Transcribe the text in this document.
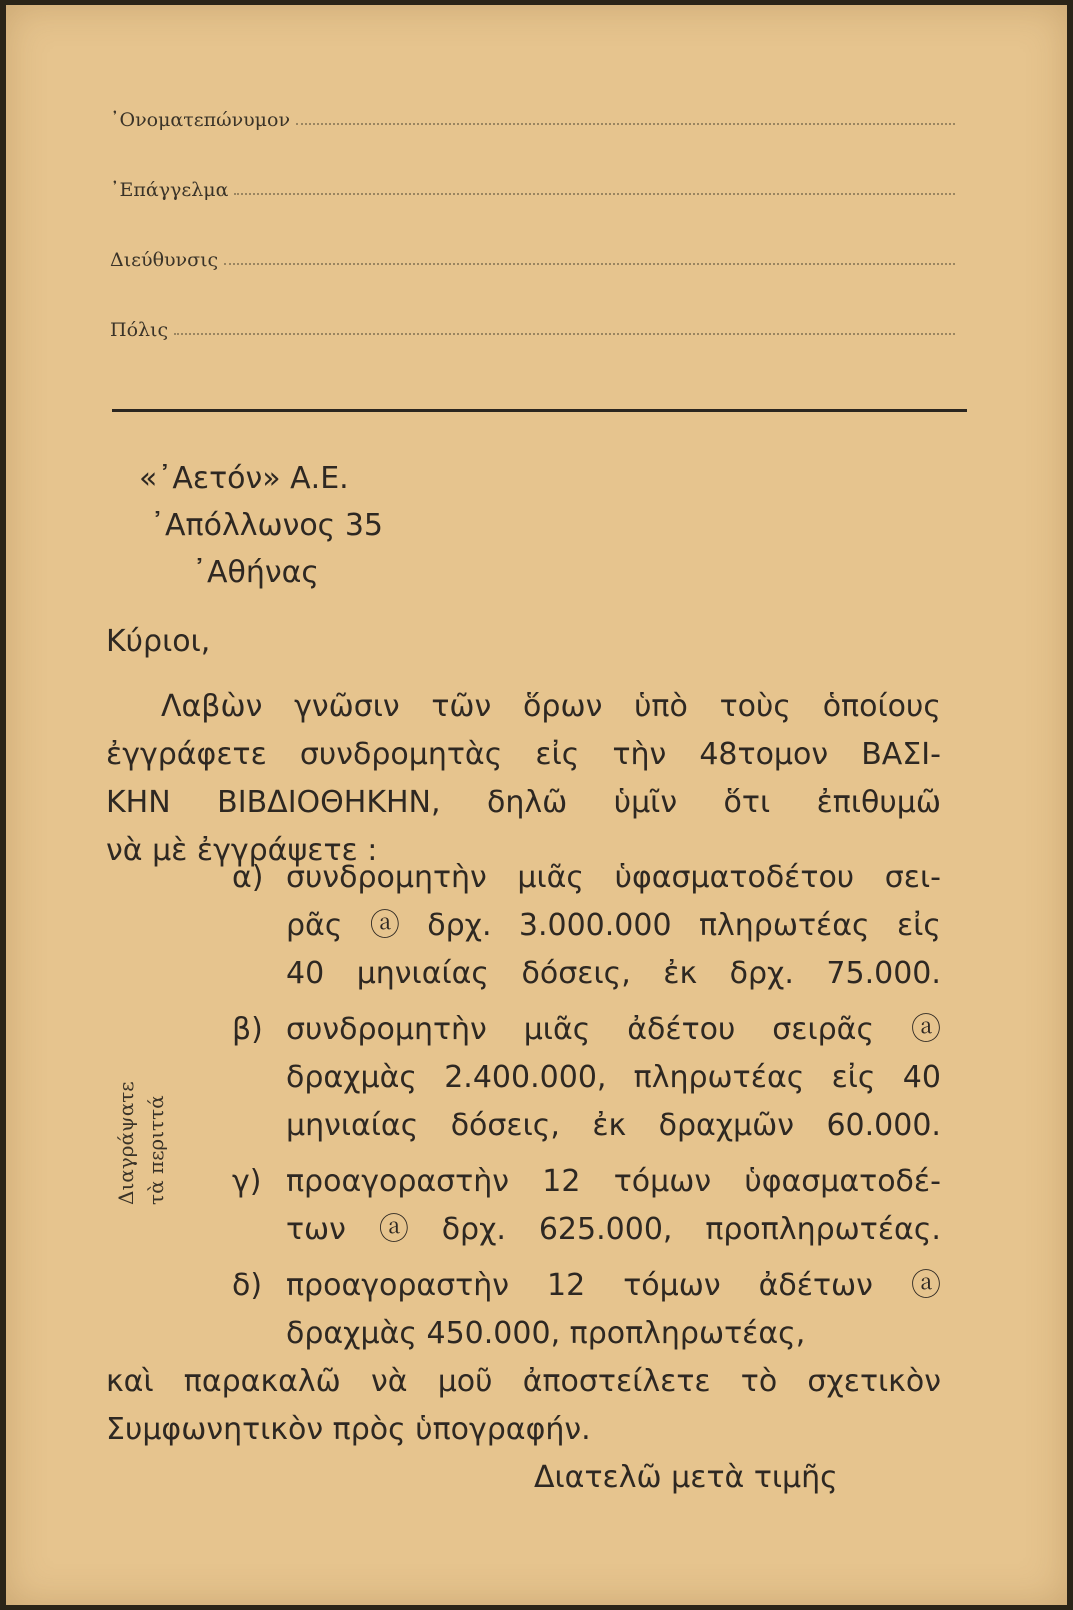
᾿Ονοματεπώνυμον
᾿Επάγγελμα
Διεύθυνσις
Πόλις
«᾿Αετόν» Α.Ε.
᾿Απόλλωνος 35
᾿Αθήνας
Κύριοι,
Λαβὼν γνῶσιν τῶν ὅρων ὑπὸ τοὺς ὁποίους
ἐγγράφετε συνδρομητὰς εἰς τὴν 48τομον ΒΑΣΙ-
ΚΗΝ ΒΙΒΔΙΟΘΗΚΗΝ, δηλῶ ὑμῖν ὅτι ἐπιθυμῶ
νὰ μὲ ἐγγράψετε :
α) συνδρομητὴν μιᾶς ὑφασματοδέτου σει-
ρᾶς ⓐ δρχ. 3.000.000 πληρωτέας εἰς
40 μηνιαίας δόσεις, ἐκ δρχ. 75.000.
β) συνδρομητὴν μιᾶς ἀδέτου σειρᾶς ⓐ
δραχμὰς 2.400.000, πληρωτέας εἰς 40
μηνιαίας δόσεις, ἐκ δραχμῶν 60.000.
γ) προαγοραστὴν 12 τόμων ὑφασματοδέ-
των ⓐ δρχ. 625.000, προπληρωτέας.
δ) προαγοραστὴν 12 τόμων ἀδέτων ⓐ
δραχμὰς 450.000, προπληρωτέας,
καὶ παρακαλῶ νὰ μοῦ ἀποστείλετε τὸ σχετικὸν
Συμφωνητικὸν πρὸς ὑπογραφήν.
Διατελῶ μετὰ τιμῆς
Διαγράψατε τὰ περιττά
